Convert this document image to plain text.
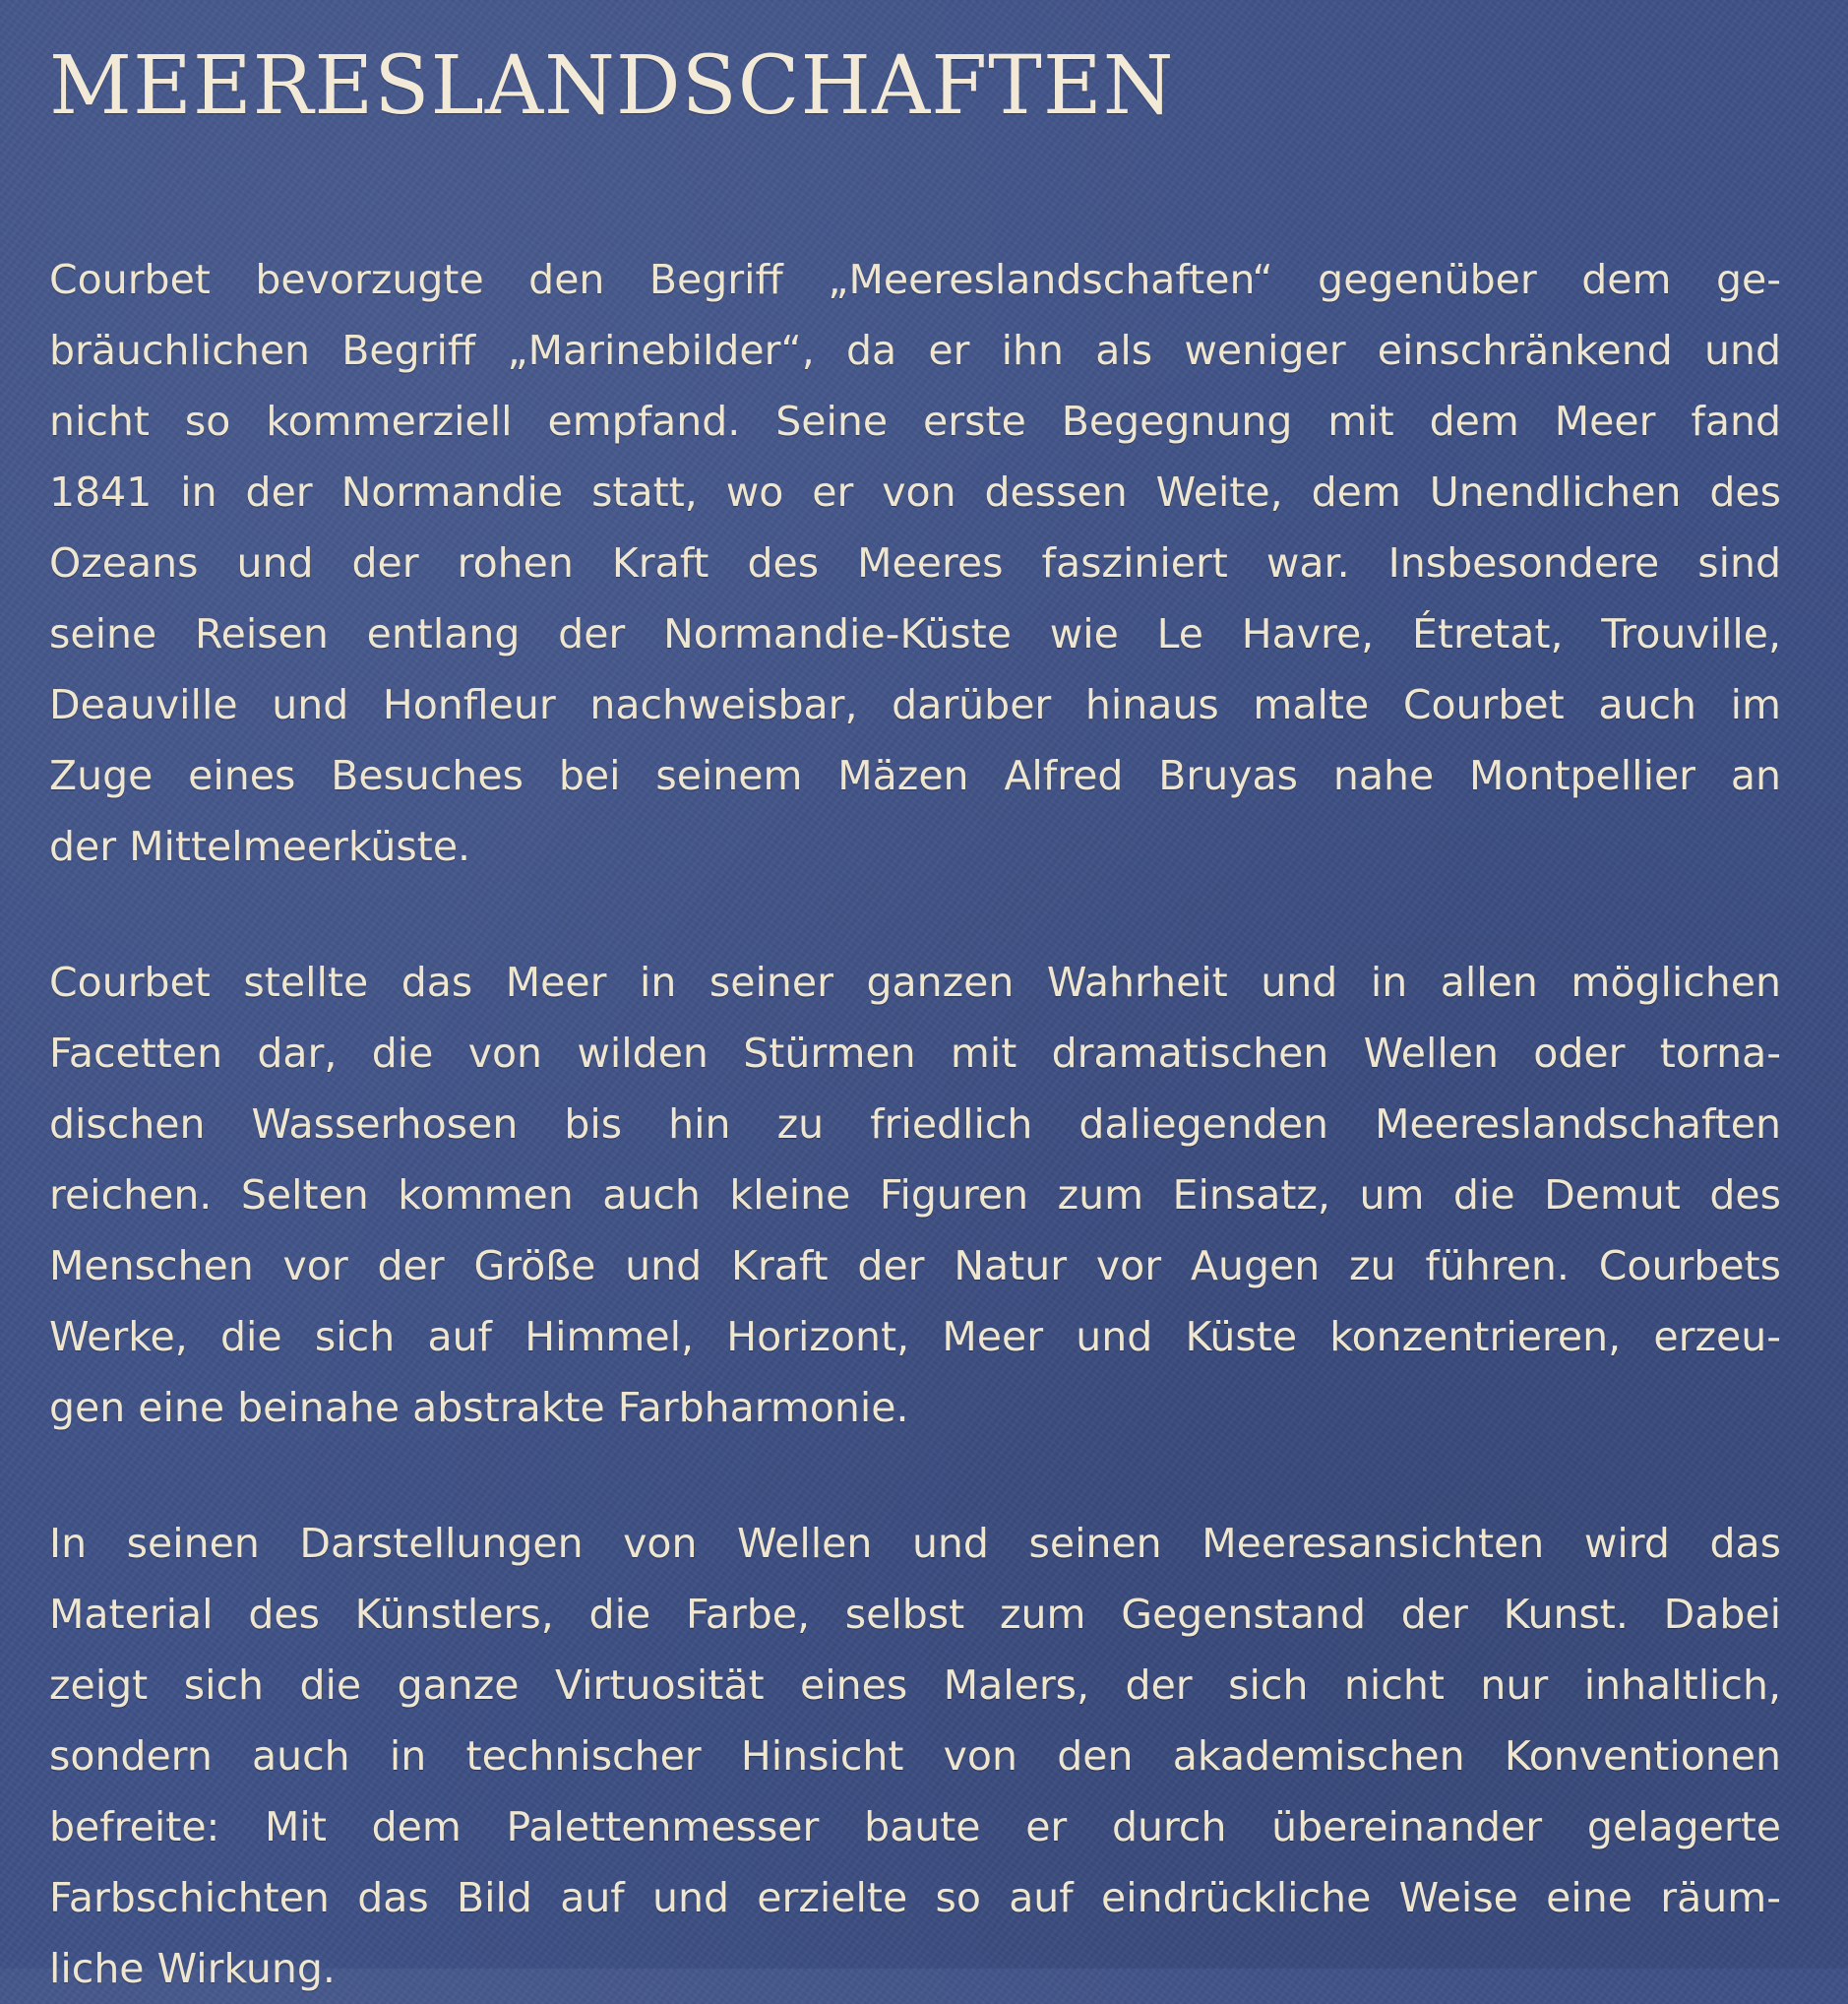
MEERESLANDSCHAFTEN

Courbet bevorzugte den Begriff „Meereslandschaften“ gegenüber dem ge-
bräuchlichen Begriff „Marinebilder“, da er ihn als weniger einschränkend und
nicht so kommerziell empfand. Seine erste Begegnung mit dem Meer fand
1841 in der Normandie statt, wo er von dessen Weite, dem Unendlichen des
Ozeans und der rohen Kraft des Meeres fasziniert war. Insbesondere sind
seine Reisen entlang der Normandie-Küste wie Le Havre, Étretat, Trouville,
Deauville und Honfleur nachweisbar, darüber hinaus malte Courbet auch im
Zuge eines Besuches bei seinem Mäzen Alfred Bruyas nahe Montpellier an
der Mittelmeerküste.

Courbet stellte das Meer in seiner ganzen Wahrheit und in allen möglichen
Facetten dar, die von wilden Stürmen mit dramatischen Wellen oder torna-
dischen Wasserhosen bis hin zu friedlich daliegenden Meereslandschaften
reichen. Selten kommen auch kleine Figuren zum Einsatz, um die Demut des
Menschen vor der Größe und Kraft der Natur vor Augen zu führen. Courbets
Werke, die sich auf Himmel, Horizont, Meer und Küste konzentrieren, erzeu-
gen eine beinahe abstrakte Farbharmonie.

In seinen Darstellungen von Wellen und seinen Meeresansichten wird das
Material des Künstlers, die Farbe, selbst zum Gegenstand der Kunst. Dabei
zeigt sich die ganze Virtuosität eines Malers, der sich nicht nur inhaltlich,
sondern auch in technischer Hinsicht von den akademischen Konventionen
befreite: Mit dem Palettenmesser baute er durch übereinander gelagerte
Farbschichten das Bild auf und erzielte so auf eindrückliche Weise eine räum-
liche Wirkung.
